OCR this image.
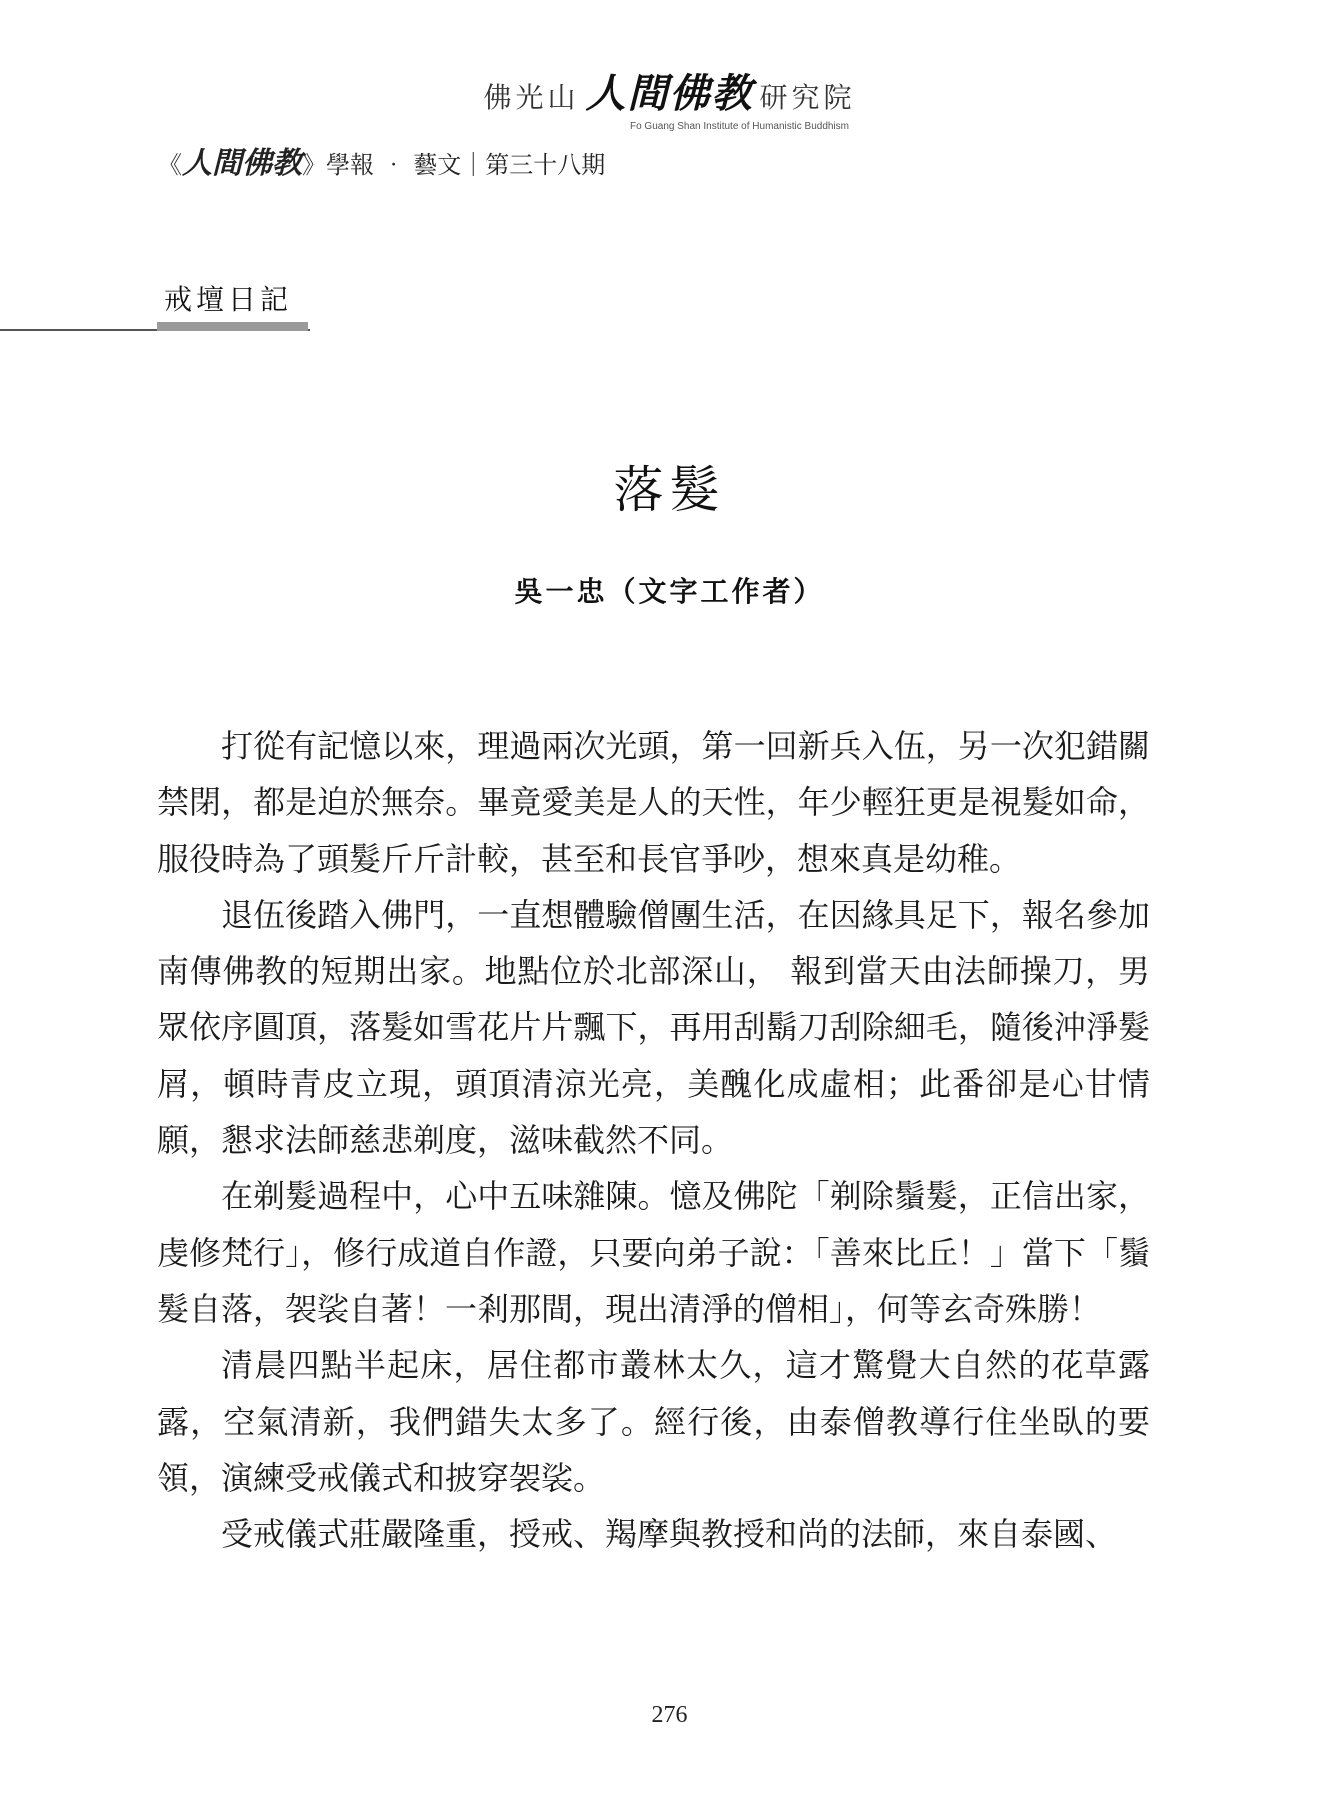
佛光山 人間佛教 研究院
Fo Guang Shan Institute of Humanistic Buddhism
《 人間佛教 》學報 ‧ 藝文｜第三十八期
戒壇日記
落髮
吳一忠（文字工作者）

打從有記憶以來，理過兩次光頭，第一回新兵入伍，另一次犯錯關禁閉，都是迫於無奈。畢竟愛美是人的天性，年少輕狂更是視髮如命，服役時為了頭髮斤斤計較，甚至和長官爭吵，想來真是幼稚。

退伍後踏入佛門，一直想體驗僧團生活，在因緣具足下，報名參加南傳佛教的短期出家。地點位於北部深山， 報到當天由法師操刀，男眾依序圓頂，落髮如雪花片片飄下，再用刮鬍刀刮除細毛，隨後沖淨髮屑，頓時青皮立現，頭頂清涼光亮，美醜化成虛相；此番卻是心甘情願，懇求法師慈悲剃度，滋味截然不同。

在剃髮過程中，心中五味雜陳。憶及佛陀「剃除鬚髮，正信出家，虔修梵行」，修行成道自作證，只要向弟子說：「善來比丘！」當下「鬚髮自落，袈裟自著！一剎那間，現出清淨的僧相」，何等玄奇殊勝！

清晨四點半起床，居住都市叢林太久，這才驚覺大自然的花草露露，空氣清新，我們錯失太多了。經行後，由泰僧教導行住坐臥的要領，演練受戒儀式和披穿袈裟。

受戒儀式莊嚴隆重，授戒、羯摩與教授和尚的法師，來自泰國、

276
